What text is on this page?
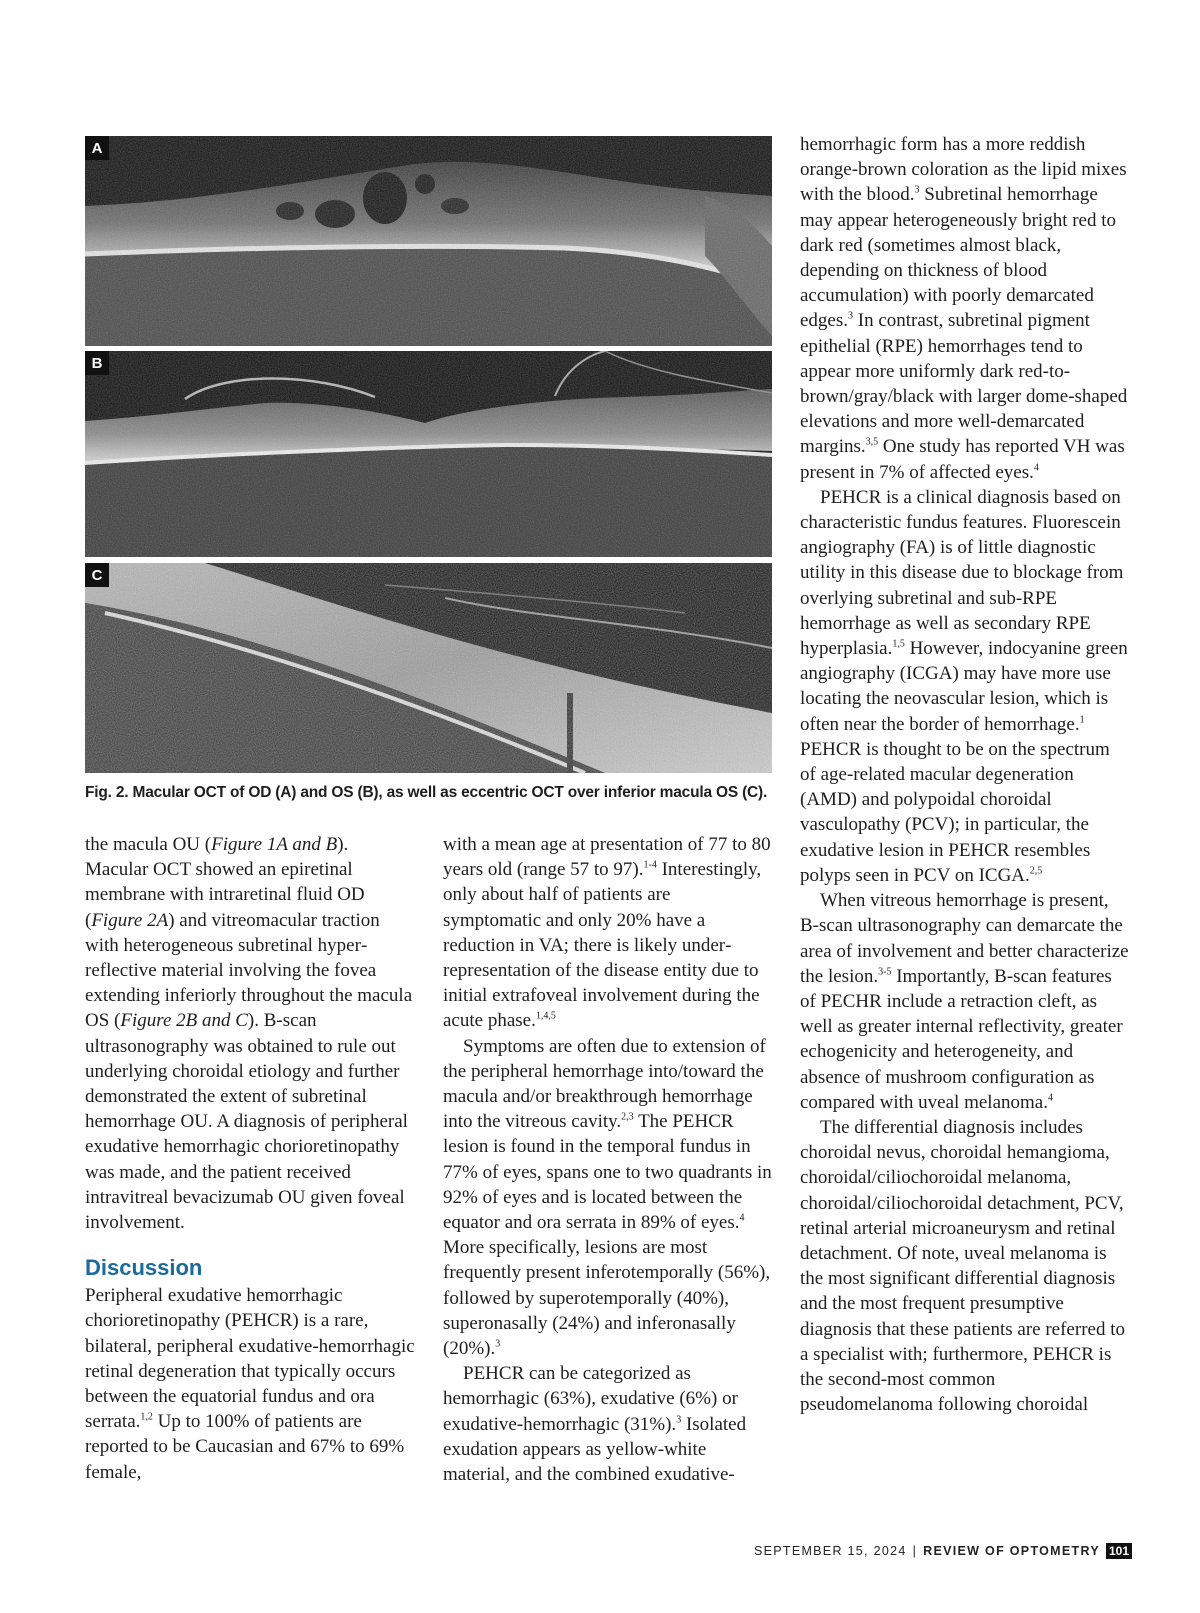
A
B
C
Fig. 2. Macular OCT of OD (A) and OS (B), as well as eccentric OCT over inferior macula OS (C).

the macula OU (Figure 1A and B). Macular OCT showed an epiretinal membrane with intraretinal fluid OD (Figure 2A) and vitreomacular traction with heterogeneous subretinal hyperreflective material involving the fovea extending inferiorly throughout the macula OS (Figure 2B and C). B-scan ultrasonography was obtained to rule out underlying choroidal etiology and further demonstrated the extent of subretinal hemorrhage OU. A diagnosis of peripheral exudative hemorrhagic chorioretinopathy was made, and the patient received intravitreal bevacizumab OU given foveal involvement.

Discussion

Peripheral exudative hemorrhagic chorioretinopathy (PEHCR) is a rare, bilateral, peripheral exudative-hemorrhagic retinal degeneration that typically occurs between the equatorial fundus and ora serrata.$^{1,2}$ Up to 100% of patients are reported to be Caucasian and 67% to 69% female,

with a mean age at presentation of 77 to 80 years old (range 57 to 97).$^{1-4}$ Interestingly, only about half of patients are symptomatic and only 20% have a reduction in VA; there is likely underrepresentation of the disease entity due to initial extrafoveal involvement during the acute phase.$^{1,4,5}$

Symptoms are often due to extension of the peripheral hemorrhage into/toward the macula and/or breakthrough hemorrhage into the vitreous cavity.$^{2,3}$ The PEHCR lesion is found in the temporal fundus in 77% of eyes, spans one to two quadrants in 92% of eyes and is located between the equator and ora serrata in 89% of eyes.$^4$ More specifically, lesions are most frequently present inferotemporally (56%), followed by superotemporally (40%), superonasally (24%) and inferonasally (20%).$^3$

PEHCR can be categorized as hemorrhagic (63%), exudative (6%) or exudative-hemorrhagic (31%).$^3$ Isolated exudation appears as yellow-white material, and the combined exudative-

hemorrhagic form has a more reddish orange-brown coloration as the lipid mixes with the blood.$^3$ Subretinal hemorrhage may appear heterogeneously bright red to dark red (sometimes almost black, depending on thickness of blood accumulation) with poorly demarcated edges.$^3$ In contrast, subretinal pigment epithelial (RPE) hemorrhages tend to appear more uniformly dark red-to-brown/gray/black with larger dome-shaped elevations and more well-demarcated margins.$^{3,5}$ One study has reported VH was present in 7% of affected eyes.$^4$

PEHCR is a clinical diagnosis based on characteristic fundus features. Fluorescein angiography (FA) is of little diagnostic utility in this disease due to blockage from overlying subretinal and sub-RPE hemorrhage as well as secondary RPE hyperplasia.$^{1,5}$ However, indocyanine green angiography (ICGA) may have more use locating the neovascular lesion, which is often near the border of hemorrhage.$^1$ PEHCR is thought to be on the spectrum of age-related macular degeneration (AMD) and polypoidal choroidal vasculopathy (PCV); in particular, the exudative lesion in PEHCR resembles polyps seen in PCV on ICGA.$^{2,5}$

When vitreous hemorrhage is present, B-scan ultrasonography can demarcate the area of involvement and better characterize the lesion.$^{3-5}$ Importantly, B-scan features of PECHR include a retraction cleft, as well as greater internal reflectivity, greater echogenicity and heterogeneity, and absence of mushroom configuration as compared with uveal melanoma.$^4$

The differential diagnosis includes choroidal nevus, choroidal hemangioma, choroidal/ciliochoroidal melanoma, choroidal/ciliochoroidal detachment, PCV, retinal arterial microaneurysm and retinal detachment. Of note, uveal melanoma is the most significant differential diagnosis and the most frequent presumptive diagnosis that these patients are referred to a specialist with; furthermore, PEHCR is the second-most common pseudomelanoma following choroidal

SEPTEMBER 15, 2024 | REVIEW OF OPTOMETRY 101
